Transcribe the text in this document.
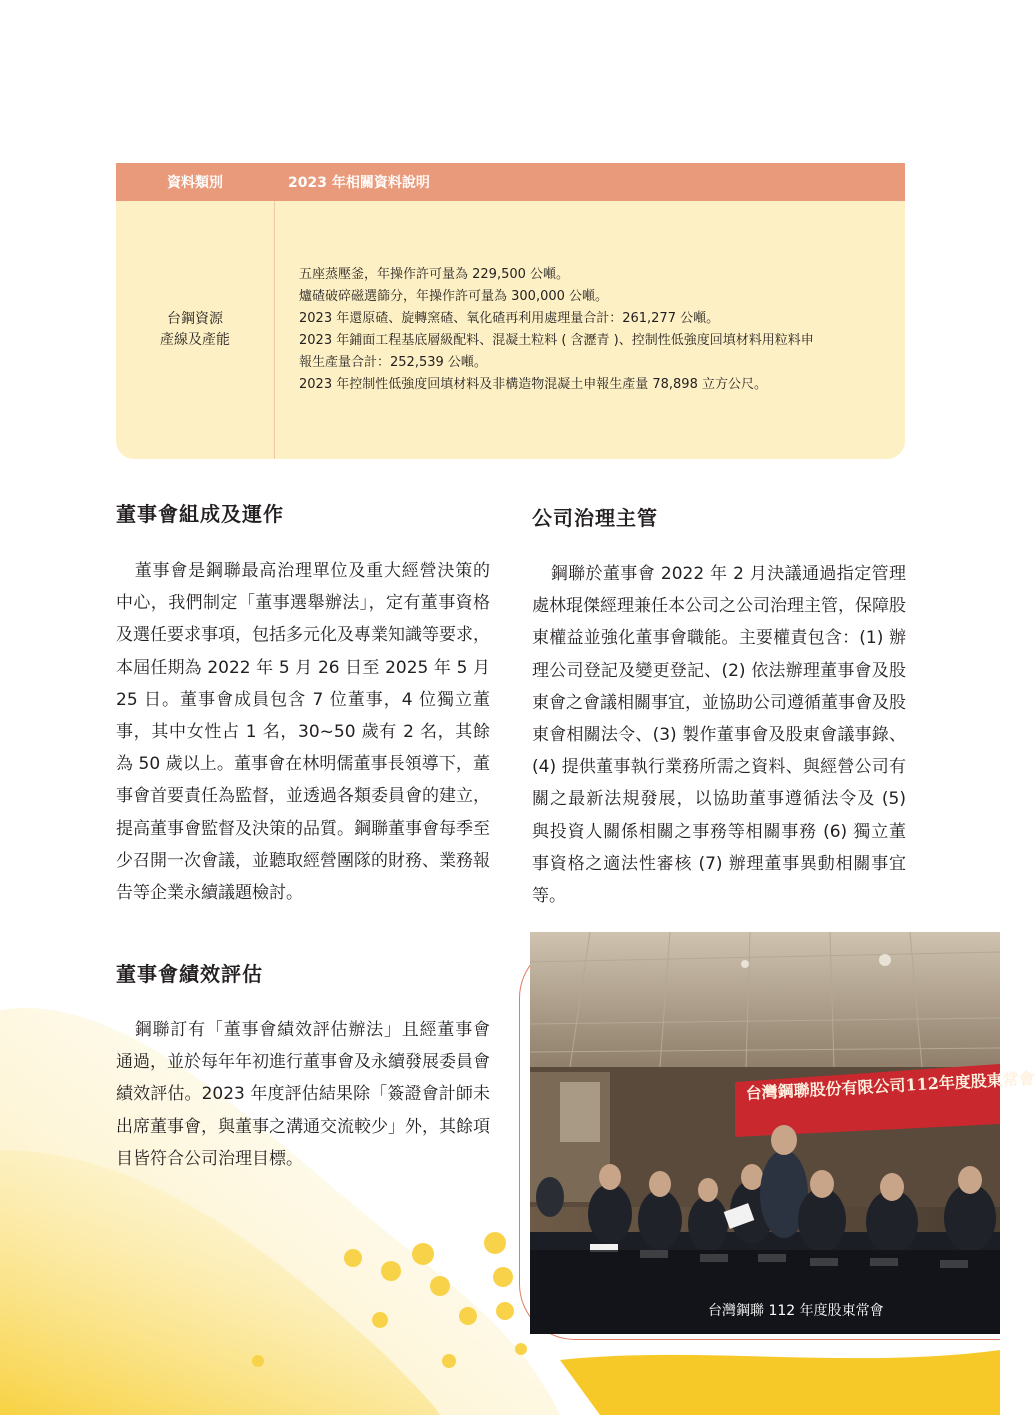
資料類別	2023 年相關資料說明
台鋼資源
產線及產能
五座蒸壓釜，年操作許可量為 229,500 公噸。
爐碴破碎磁選篩分，年操作許可量為 300,000 公噸。
2023 年還原碴、旋轉窯碴、氧化碴再利用處理量合計：261,277 公噸。
2023 年鋪面工程基底層級配料、混凝土粒料 ( 含瀝青 )、控制性低強度回填材料用粒料申
報生產量合計：252,539 公噸。
2023 年控制性低強度回填材料及非構造物混凝土申報生產量 78,898 立方公尺。
董事會組成及運作

董事會是鋼聯最高治理單位及重大經營決策的中心，我們制定「董事選舉辦法」，定有董事資格及選任要求事項，包括多元化及專業知識等要求，本屆任期為 2022 年 5 月 26 日至 2025 年 5 月 25 日。董事會成員包含 7 位董事，4 位獨立董事，其中女性占 1 名，30~50 歲有 2 名，其餘為 50 歲以上。董事會在林明儒董事長領導下，董事會首要責任為監督，並透過各類委員會的建立，提高董事會監督及決策的品質。鋼聯董事會每季至少召開一次會議，並聽取經營團隊的財務、業務報告等企業永續議題檢討。

董事會績效評估

鋼聯訂有「董事會績效評估辦法」且經董事會通過，並於每年年初進行董事會及永續發展委員會績效評估。2023 年度評估結果除「簽證會計師未出席董事會，與董事之溝通交流較少」外，其餘項目皆符合公司治理目標。

公司治理主管

鋼聯於董事會 2022 年 2 月決議通過指定管理處林琨傑經理兼任本公司之公司治理主管，保障股東權益並強化董事會職能。主要權責包含：(1) 辦理公司登記及變更登記、(2) 依法辦理董事會及股東會之會議相關事宜，並協助公司遵循董事會及股東會相關法令、(3) 製作董事會及股東會議事錄、(4) 提供董事執行業務所需之資料、與經營公司有關之最新法規發展，以協助董事遵循法令及 (5) 與投資人關係相關之事務等相關事務 (6) 獨立董事資格之適法性審核 (7) 辦理董事異動相關事宜等。

台灣鋼聯股份有限公司112年度股東常會
台灣鋼聯 112 年度股東常會
